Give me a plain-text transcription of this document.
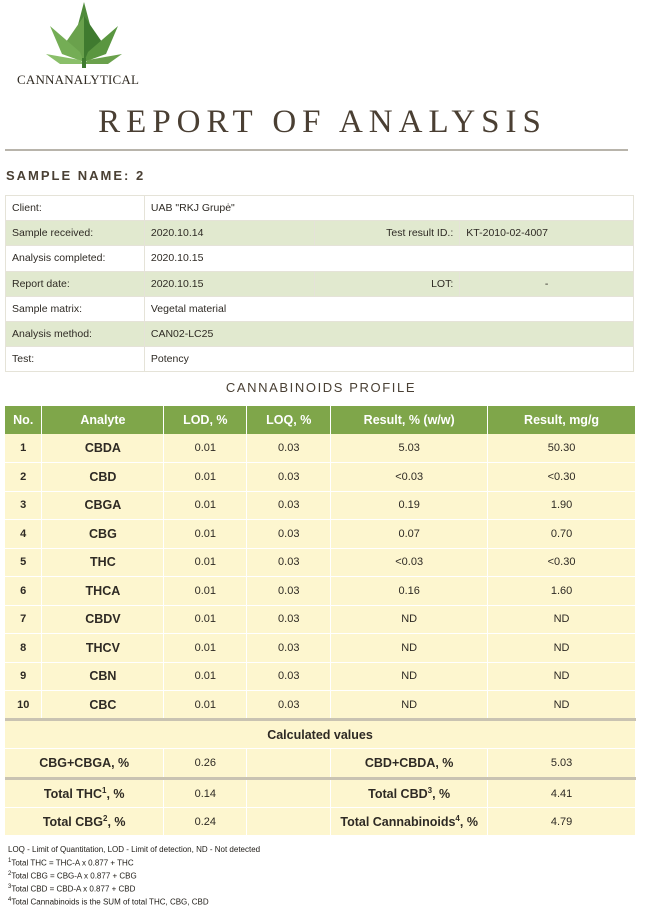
CANNANALYTICAL
REPORT OF ANALYSIS
SAMPLE NAME: 2
Client:	UAB "RKJ Grupė"		
Sample received:	2020.10.14	Test result ID.:	KT-2010-02-4007
Analysis completed:	2020.10.15		
Report date:	2020.10.15	LOT:	-
Sample matrix:	Vegetal material		
Analysis method:	CAN02-LC25		
Test:	Potency		
CANNABINOIDS PROFILE
No.	Analyte	LOD, %	LOQ, %	Result, % (w/w)	Result, mg/g
1	CBDA	0.01	0.03	5.03	50.30
2	CBD	0.01	0.03	<0.03	<0.30
3	CBGA	0.01	0.03	0.19	1.90
4	CBG	0.01	0.03	0.07	0.70
5	THC	0.01	0.03	<0.03	<0.30
6	THCA	0.01	0.03	0.16	1.60
7	CBDV	0.01	0.03	ND	ND
8	THCV	0.01	0.03	ND	ND
9	CBN	0.01	0.03	ND	ND
10	CBC	0.01	0.03	ND	ND
Calculated values				
CBG+CBGA, %	0.26		CBD+CBDA, %	5.03
Total THC$^1$, %	0.14		Total CBD$^3$, %	4.41
Total CBG$^2$, %	0.24		Total Cannabinoids$^4$, %	4.79
LOQ - Limit of Quantitation, LOD - Limit of detection, ND - Not detected
$^1$Total THC = THC-A x 0.877 + THC
$^2$Total CBG = CBG-A x 0.877 + CBG
$^3$Total CBD = CBD-A x 0.877 + CBD
$^4$Total Cannabinoids is the SUM of total THC, CBG, CBD
